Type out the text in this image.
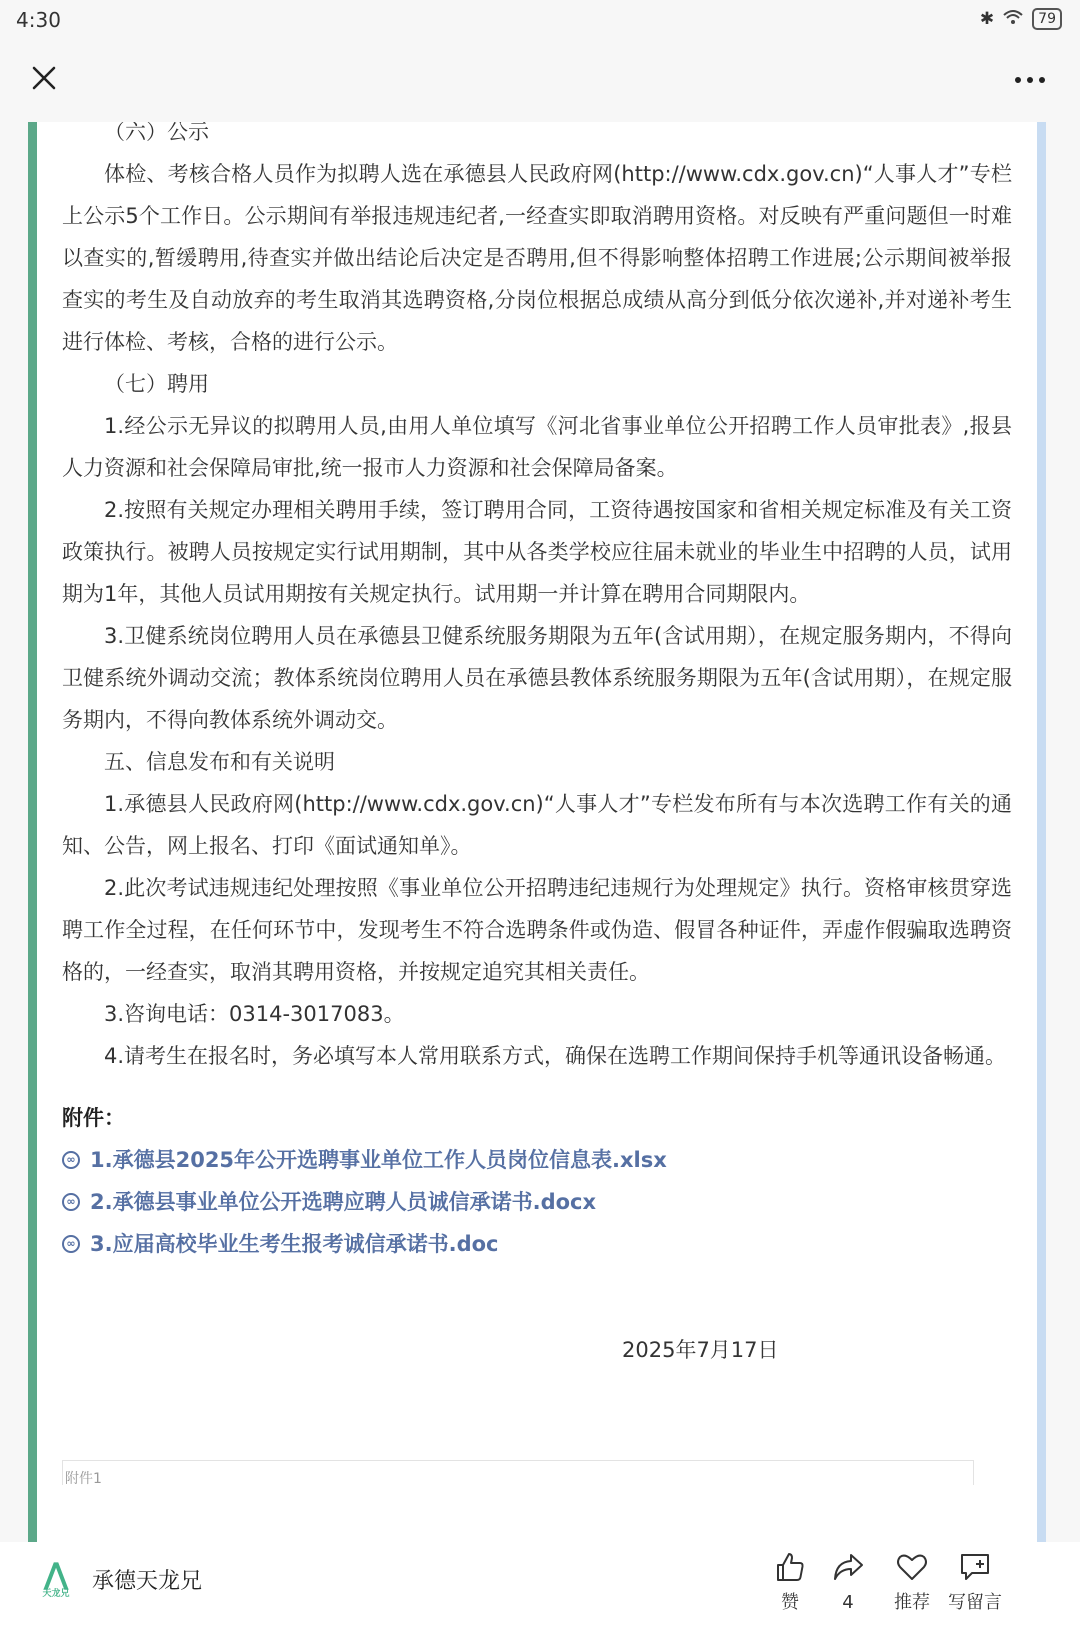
4:30	✱	79

（六）公示

体检、考核合格人员作为拟聘人选在承德县人民政府网(http://www.cdx.gov.cn)“人事人才”专栏上公示5个工作日。公示期间有举报违规违纪者,一经查实即取消聘用资格。对反映有严重问题但一时难以查实的,暂缓聘用,待查实并做出结论后决定是否聘用,但不得影响整体招聘工作进展;公示期间被举报查实的考生及自动放弃的考生取消其选聘资格,分岗位根据总成绩从高分到低分依次递补,并对递补考生进行体检、考核，合格的进行公示。

（七）聘用

1.经公示无异议的拟聘用人员,由用人单位填写《河北省事业单位公开招聘工作人员审批表》,报县人力资源和社会保障局审批,统一报市人力资源和社会保障局备案。

2.按照有关规定办理相关聘用手续，签订聘用合同，工资待遇按国家和省相关规定标准及有关工资政策执行。被聘人员按规定实行试用期制，其中从各类学校应往届未就业的毕业生中招聘的人员，试用期为1年，其他人员试用期按有关规定执行。试用期一并计算在聘用合同期限内。

3.卫健系统岗位聘用人员在承德县卫健系统服务期限为五年(含试用期），在规定服务期内，不得向卫健系统外调动交流；教体系统岗位聘用人员在承德县教体系统服务期限为五年(含试用期），在规定服务期内，不得向教体系统外调动交。

五、信息发布和有关说明

1.承德县人民政府网(http://www.cdx.gov.cn)“人事人才”专栏发布所有与本次选聘工作有关的通知、公告，网上报名、打印《面试通知单》。

2.此次考试违规违纪处理按照《事业单位公开招聘违纪违规行为处理规定》执行。资格审核贯穿选聘工作全过程，在任何环节中，发现考生不符合选聘条件或伪造、假冒各种证件，弄虚作假骗取选聘资格的，一经查实，取消其聘用资格，并按规定追究其相关责任。

3.咨询电话：0314-3017083。

4.请考生在报名时，务必填写本人常用联系方式，确保在选聘工作期间保持手机等通讯设备畅通。

附件：
∞ 1.承德县2025年公开选聘事业单位工作人员岗位信息表.xlsx
∞ 2.承德县事业单位公开选聘应聘人员诚信承诺书.docx
∞ 3.应届高校毕业生考生报考诚信承诺书.doc
2025年7月17日
附件1
⋀
天龙兄 承德天龙兄
赞 4 推荐 写留言
